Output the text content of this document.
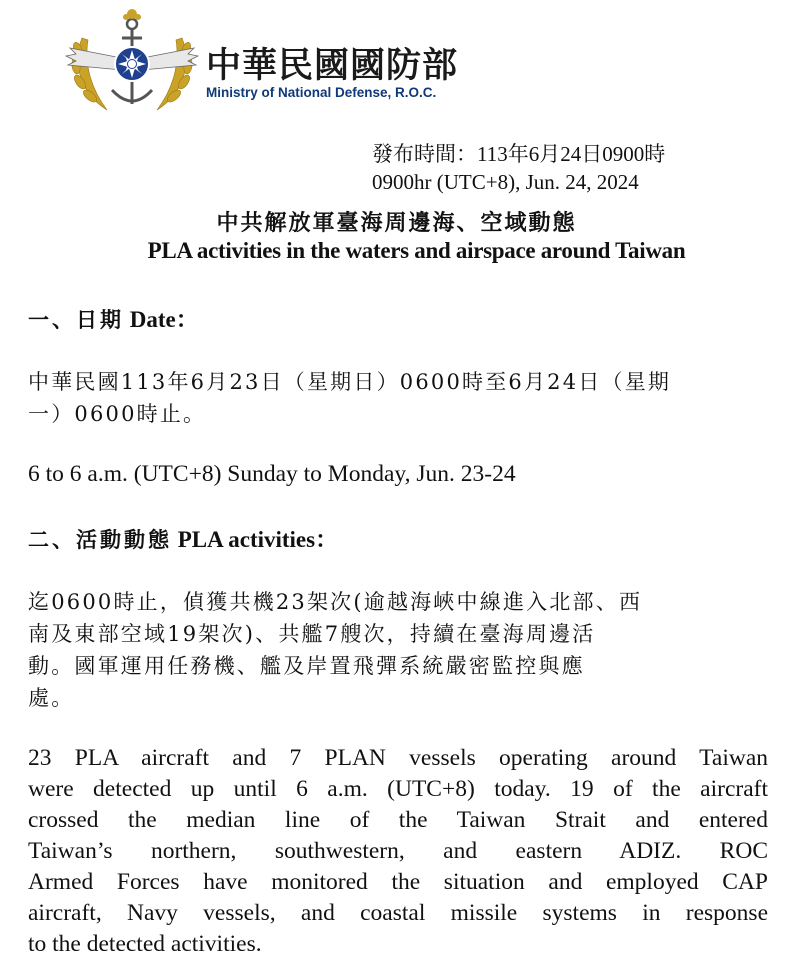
中華民國國防部
Ministry of National Defense, R.O.C.
發布時間：113年6月24日0900時
0900hr (UTC+8), Jun. 24, 2024
中共解放軍臺海周邊海、空域動態
PLA activities in the waters and airspace around Taiwan
一、日期 Date：
中華民國113年6月23日（星期日）0600時至6月24日（星期
一）0600時止。
6 to 6 a.m. (UTC+8) Sunday to Monday, Jun. 23-24
二、活動動態 PLA activities：
迄0600時止，偵獲共機23架次(逾越海峽中線進入北部、西
南及東部空域19架次)、共艦7艘次，持續在臺海周邊活
動。國軍運用任務機、艦及岸置飛彈系統嚴密監控與應
處。
23 PLA aircraft and 7 PLAN vessels operating around Taiwan
were detected up until 6 a.m. (UTC+8) today. 19 of the aircraft
crossed the median line of the Taiwan Strait and entered
Taiwan’s northern, southwestern, and eastern ADIZ. ROC
Armed Forces have monitored the situation and employed CAP
aircraft, Navy vessels, and coastal missile systems in response
to the detected activities.
